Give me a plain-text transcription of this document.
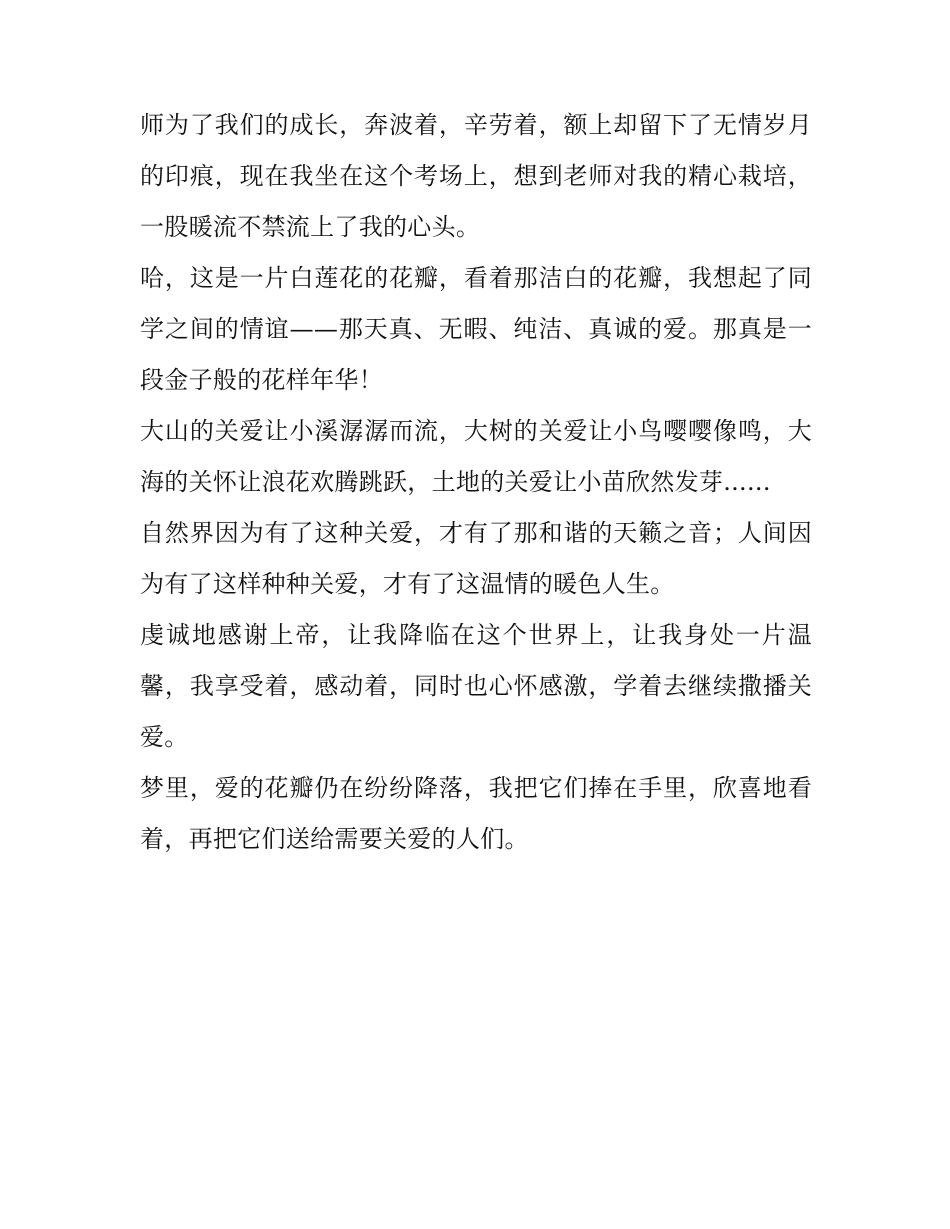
师为了我们的成长，奔波着，辛劳着，额上却留下了无情岁月的印痕，现在我坐在这个考场上，想到老师对我的精心栽培，一股暖流不禁流上了我的心头。

哈，这是一片白莲花的花瓣，看着那洁白的花瓣，我想起了同学之间的情谊——那天真、无暇、纯洁、真诚的爱。那真是一段金子般的花样年华！

大山的关爱让小溪潺潺而流，大树的关爱让小鸟嘤嘤像鸣，大海的关怀让浪花欢腾跳跃，土地的关爱让小苗欣然发芽......

自然界因为有了这种关爱，才有了那和谐的天籁之音；人间因为有了这样种种关爱，才有了这温情的暖色人生。

虔诚地感谢上帝，让我降临在这个世界上，让我身处一片温馨，我享受着，感动着，同时也心怀感激，学着去继续撒播关爱。

梦里，爱的花瓣仍在纷纷降落，我把它们捧在手里，欣喜地看着，再把它们送给需要关爱的人们。
